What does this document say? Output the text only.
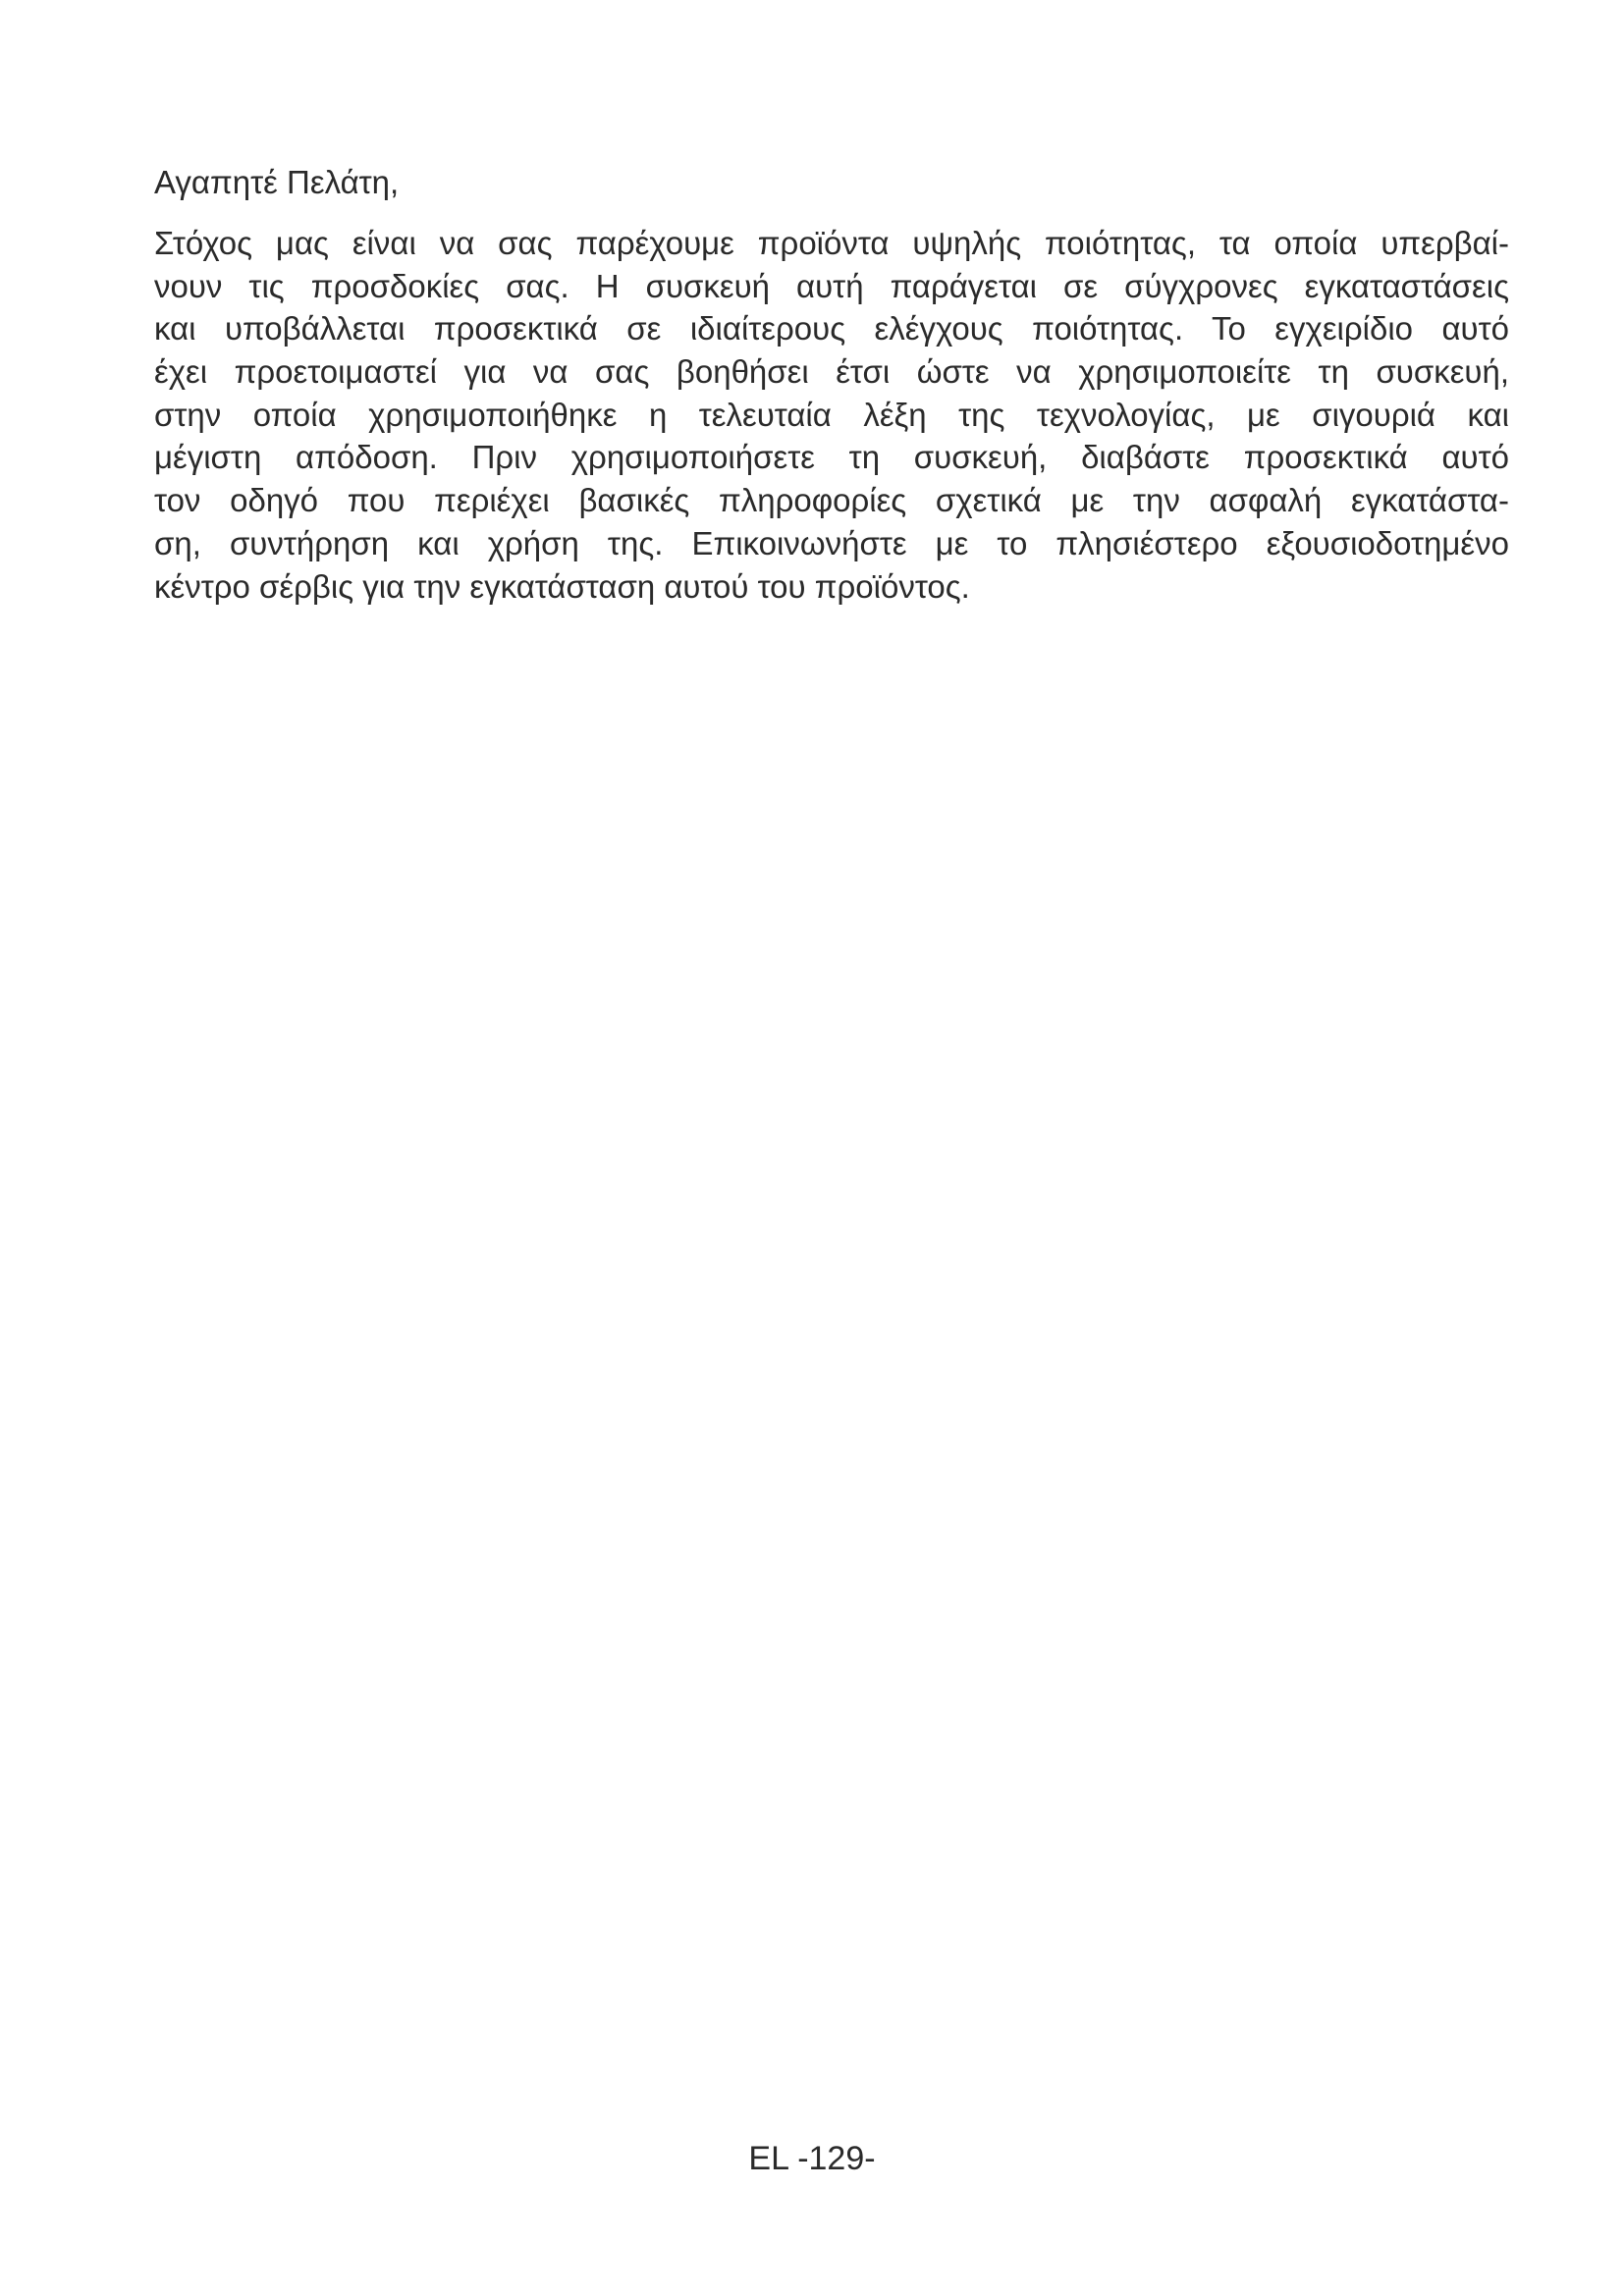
Αγαπητέ Πελάτη,
Στόχος μας είναι να σας παρέχουμε προϊόντα υψηλής ποιότητας, τα οποία υπερβαί-
νουν τις προσδοκίες σας. Η συσκευή αυτή παράγεται σε σύγχρονες εγκαταστάσεις
και υποβάλλεται προσεκτικά σε ιδιαίτερους ελέγχους ποιότητας. Το εγχειρίδιο αυτό
έχει προετοιμαστεί για να σας βοηθήσει έτσι ώστε να χρησιμοποιείτε τη συσκευή,
στην οποία χρησιμοποιήθηκε η τελευταία λέξη της τεχνολογίας, με σιγουριά και
μέγιστη απόδοση. Πριν χρησιμοποιήσετε τη συσκευή, διαβάστε προσεκτικά αυτό
τον οδηγό που περιέχει βασικές πληροφορίες σχετικά με την ασφαλή εγκατάστα-
ση, συντήρηση και χρήση της. Επικοινωνήστε με το πλησιέστερο εξουσιοδοτημένο
κέντρο σέρβις για την εγκατάσταση αυτού του προϊόντος.
EL -129-
